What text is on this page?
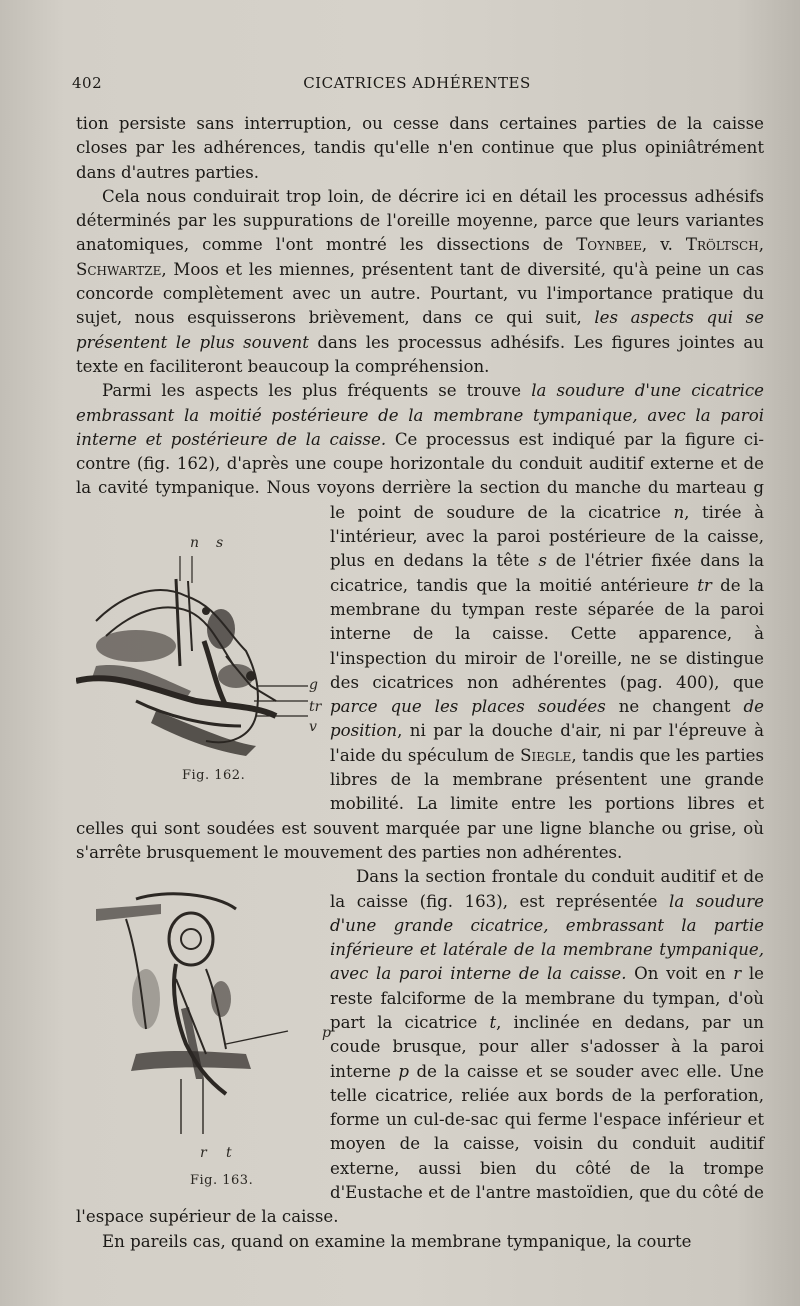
402	CICATRICES ADHÉRENTES

tion persiste sans interruption, ou cesse dans certaines parties de la caisse closes par les adhérences, tandis qu'elle n'en continue que plus opiniâtrément dans d'autres parties.

Cela nous conduirait trop loin, de décrire ici en détail les processus adhésifs déterminés par les suppurations de l'oreille moyenne, parce que leurs variantes anatomiques, comme l'ont montré les dissections de Toynbee, v. Tröltsch, Schwartze, Moos et les miennes, présentent tant de diversité, qu'à peine un cas concorde complètement avec un autre. Pourtant, vu l'importance pratique du sujet, nous esquisserons brièvement, dans ce qui suit, les aspects qui se présentent le plus souvent dans les processus adhésifs. Les figures jointes au texte en faciliteront beaucoup la compréhension.

Parmi les aspects les plus fréquents se trouve la soudure d'une cicatrice embrassant la moitié postérieure de la membrane tympanique, avec la paroi interne et postérieure de la caisse. Ce processus est indiqué par la figure ci-contre (fig. 162), d'après une coupe horizontale du conduit auditif externe et de la cavité tympanique. Nous voyons derrière la section du manche du marteau
n	s
g
tr
v
Fig. 162.
g le point de soudure de la cicatrice n, tirée à l'intérieur, avec la paroi postérieure de la caisse, plus en dedans la tête s de l'étrier fixée dans la cicatrice, tandis que la moitié antérieure tr de la membrane du tympan reste séparée de la paroi interne de la caisse. Cette apparence, à l'inspection du miroir de l'oreille, ne se distingue des cicatrices non adhérentes (pag. 400), que parce que les places soudées ne changent de position, ni par la douche d'air, ni par l'épreuve à l'aide du spéculum de Siegle, tandis que les parties libres de la membrane présentent une grande mobilité. La limite entre les portions libres et celles qui sont soudées est souvent marquée par une ligne blanche ou grise, où s'arrête brusquement le mouvement des parties non adhérentes.

p
r	t
Fig. 163.
Dans la section frontale du conduit auditif et de la caisse (fig. 163), est représentée la soudure d'une grande cicatrice, embrassant la partie inférieure et latérale de la membrane tympanique, avec la paroi interne de la caisse. On voit en r le reste falciforme de la membrane du tympan, d'où part la cicatrice t, inclinée en dedans, par un coude brusque, pour aller s'adosser à la paroi interne p de la caisse et se souder avec elle. Une telle cicatrice, reliée aux bords de la perforation, forme un cul-de-sac qui ferme l'espace inférieur et moyen de la caisse, voisin du conduit auditif externe, aussi bien du côté de la trompe d'Eustache et de l'antre mastoïdien, que du côté de l'espace supérieur de la caisse.

En pareils cas, quand on examine la membrane tympanique, la courte
